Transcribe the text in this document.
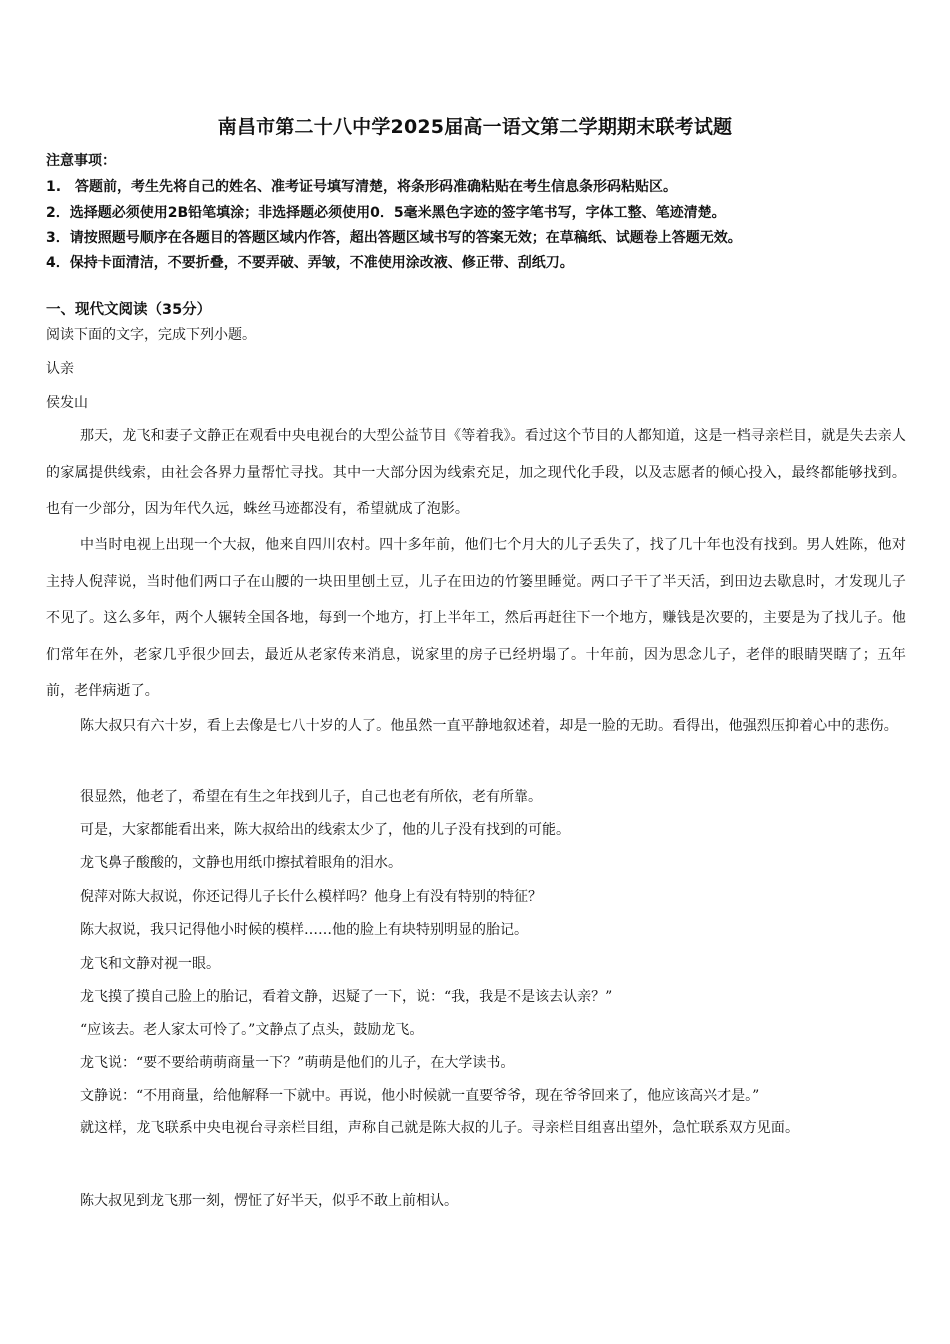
南昌市第二十八中学2025届高一语文第二学期期末联考试题
注意事项：
1.　答题前，考生先将自己的姓名、准考证号填写清楚，将条形码准确粘贴在考生信息条形码粘贴区。
2．选择题必须使用2B铅笔填涂；非选择题必须使用0．5毫米黑色字迹的签字笔书写，字体工整、笔迹清楚。
3．请按照题号顺序在各题目的答题区域内作答，超出答题区域书写的答案无效；在草稿纸、试题卷上答题无效。
4．保持卡面清洁，不要折叠，不要弄破、弄皱，不准使用涂改液、修正带、刮纸刀。
一、现代文阅读（35分）
阅读下面的文字，完成下列小题。
认亲
侯发山
那天，龙飞和妻子文静正在观看中央电视台的大型公益节目《等着我》。看过这个节目的人都知道，这是一档寻亲栏目，就是失去亲人的家属提供线索，由社会各界力量帮忙寻找。其中一大部分因为线索充足，加之现代化手段，以及志愿者的倾心投入，最终都能够找到。也有一少部分，因为年代久远，蛛丝马迹都没有，希望就成了泡影。
中当时电视上出现一个大叔，他来自四川农村。四十多年前，他们七个月大的儿子丢失了，找了几十年也没有找到。男人姓陈，他对主持人倪萍说，当时他们两口子在山腰的一块田里刨土豆，儿子在田边的竹篓里睡觉。两口子干了半天活，到田边去歇息时，才发现儿子不见了。这么多年，两个人辗转全国各地，每到一个地方，打上半年工，然后再赶往下一个地方，赚钱是次要的，主要是为了找儿子。他们常年在外，老家几乎很少回去，最近从老家传来消息，说家里的房子已经坍塌了。十年前，因为思念儿子，老伴的眼睛哭瞎了；五年前，老伴病逝了。
陈大叔只有六十岁，看上去像是七八十岁的人了。他虽然一直平静地叙述着，却是一脸的无助。看得出，他强烈压抑着心中的悲伤。
很显然，他老了，希望在有生之年找到儿子，自己也老有所依，老有所靠。
可是，大家都能看出来，陈大叔给出的线索太少了，他的儿子没有找到的可能。
龙飞鼻子酸酸的，文静也用纸巾擦拭着眼角的泪水。
倪萍对陈大叔说，你还记得儿子长什么模样吗？他身上有没有特别的特征？
陈大叔说，我只记得他小时候的模样……他的脸上有块特别明显的胎记。
龙飞和文静对视一眼。
龙飞摸了摸自己脸上的胎记，看着文静，迟疑了一下，说：“我，我是不是该去认亲？”
“应该去。老人家太可怜了。”文静点了点头，鼓励龙飞。
龙飞说：“要不要给萌萌商量一下？”萌萌是他们的儿子，在大学读书。
文静说：“不用商量，给他解释一下就中。再说，他小时候就一直要爷爷，现在爷爷回来了，他应该高兴才是。”
就这样，龙飞联系中央电视台寻亲栏目组，声称自己就是陈大叔的儿子。寻亲栏目组喜出望外，急忙联系双方见面。
陈大叔见到龙飞那一刻，愣怔了好半天，似乎不敢上前相认。
